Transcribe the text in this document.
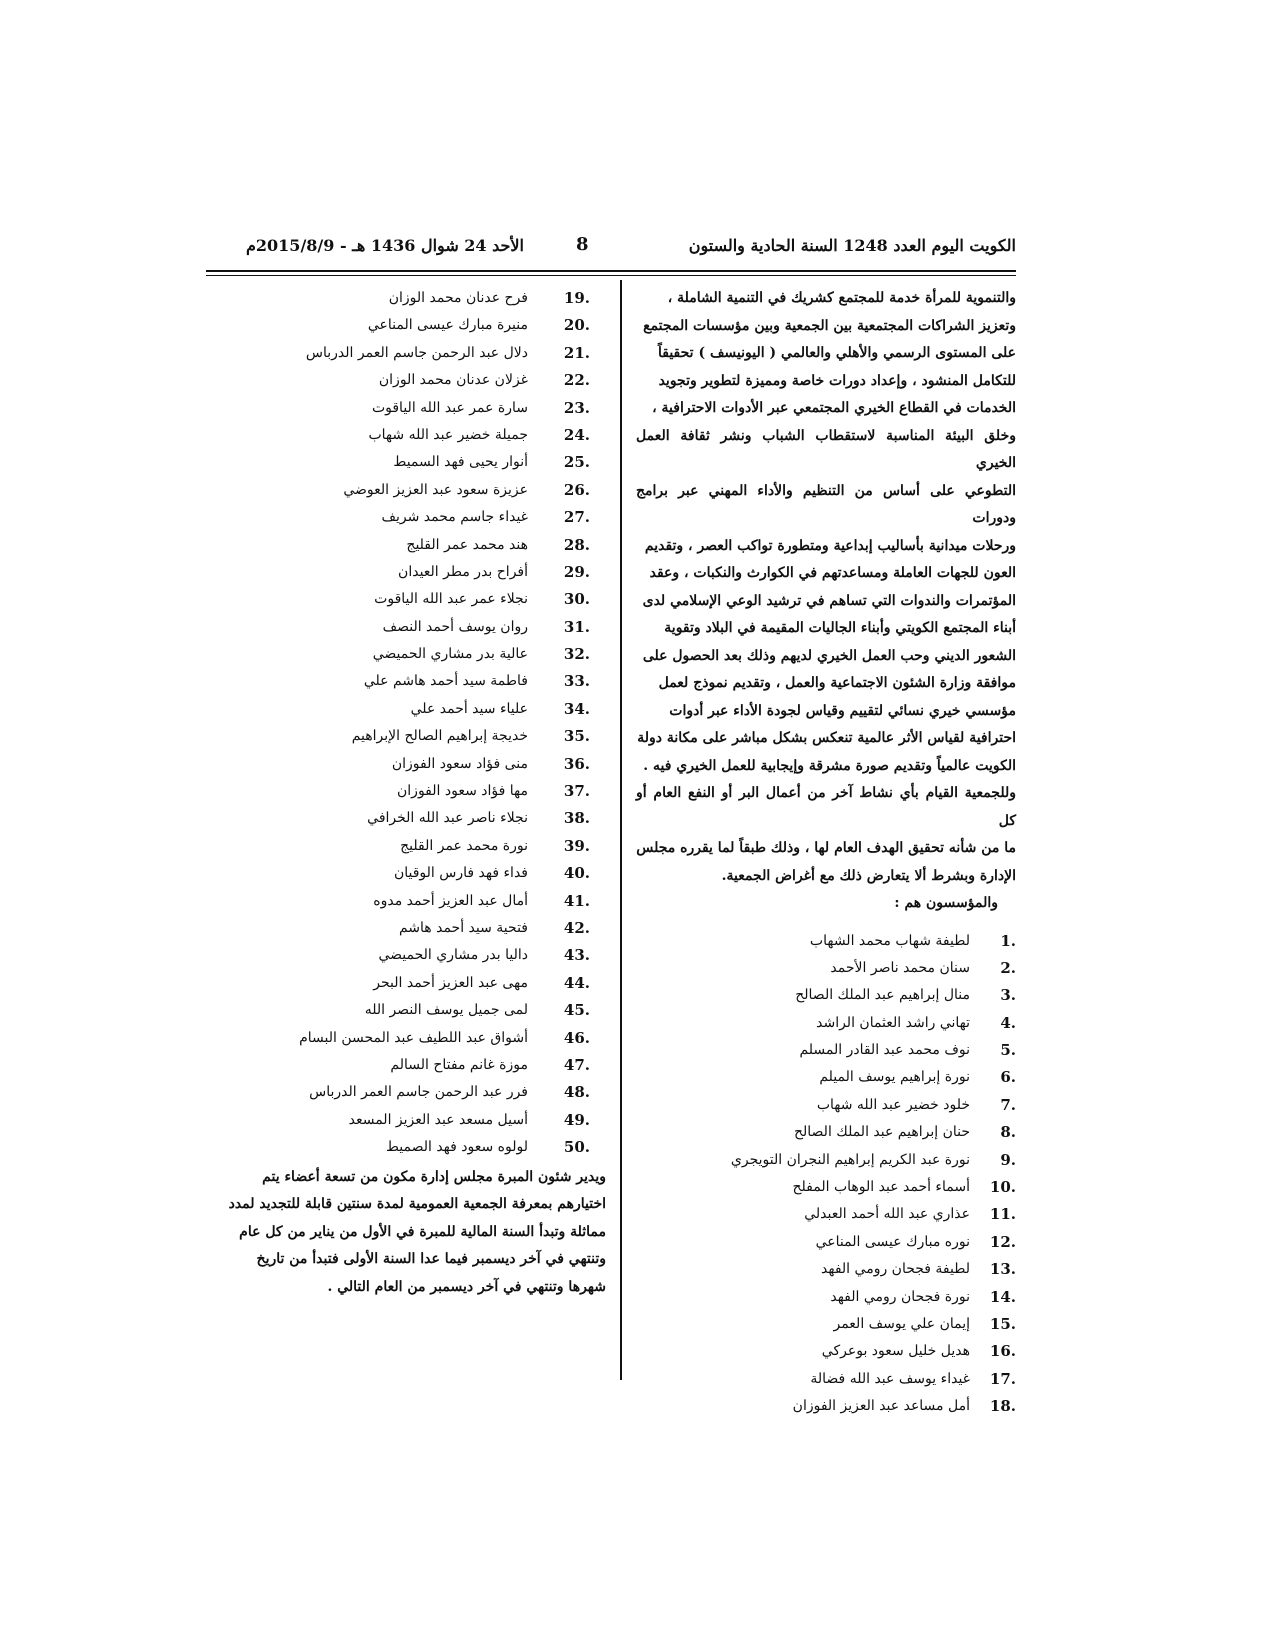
الكويت اليوم العدد 1248 السنة الحادية والستون
8
الأحد 24 شوال 1436 هـ - 2015/8/9م

والتنموية للمرأة خدمة للمجتمع كشريك في التنمية الشاملة ،

وتعزيز الشراكات المجتمعية بين الجمعية وبين مؤسسات المجتمع

على المستوى الرسمي والأهلي والعالمي ( اليونيسف ) تحقيقاً

للتكامل المنشود ، وإعداد دورات خاصة ومميزة لتطوير وتجويد

الخدمات في القطاع الخيري المجتمعي عبر الأدوات الاحترافية ،

وخلق البيئة المناسبة لاستقطاب الشباب ونشر ثقافة العمل الخيري

التطوعي على أساس من التنظيم والأداء المهني عبر برامج ودورات

ورحلات ميدانية بأساليب إبداعية ومتطورة تواكب العصر ، وتقديم

العون للجهات العاملة ومساعدتهم في الكوارث والنكبات ، وعقد

المؤتمرات والندوات التي تساهم في ترشيد الوعي الإسلامي لدى

أبناء المجتمع الكويتي وأبناء الجاليات المقيمة في البلاد وتقوية

الشعور الديني وحب العمل الخيري لديهم وذلك بعد الحصول على

موافقة وزارة الشئون الاجتماعية والعمل ، وتقديم نموذج لعمل

مؤسسي خيري نسائي لتقييم وقياس لجودة الأداء عبر أدوات

احترافية لقياس الأثر عالمية تنعكس بشكل مباشر على مكانة دولة

الكويت عالمياً وتقديم صورة مشرقة وإيجابية للعمل الخيري فيه .

وللجمعية القيام بأي نشاط آخر من أعمال البر أو النفع العام أو كل

ما من شأنه تحقيق الهدف العام لها ، وذلك طبقاً لما يقرره مجلس

الإدارة وبشرط ألا يتعارض ذلك مع أغراض الجمعية.

والمؤسسون هم :
1.
لطيفة شهاب محمد الشهاب
2.
سنان محمد ناصر الأحمد
3.
منال إبراهيم عبد الملك الصالح
4.
تهاني راشد العثمان الراشد
5.
نوف محمد عبد القادر المسلم
6.
نورة إبراهيم يوسف الميلم
7.
خلود خضير عبد الله شهاب
8.
حنان إبراهيم عبد الملك الصالح
9.
نورة عبد الكريم إبراهيم النجران التويجري
10.
أسماء أحمد عبد الوهاب المفلح
11.
عذاري عبد الله أحمد العبدلي
12.
نوره مبارك عيسى المناعي
13.
لطيفة فجحان رومي الفهد
14.
نورة فجحان رومي الفهد
15.
إيمان علي يوسف العمر
16.
هديل خليل سعود بوعركي
17.
غيداء يوسف عبد الله فضالة
18.
أمل مساعد عبد العزيز الفوزان
19.
فرح عدنان محمد الوزان
20.
منيرة مبارك عيسى المناعي
21.
دلال عبد الرحمن جاسم العمر الدرباس
22.
غزلان عدنان محمد الوزان
23.
سارة عمر عبد الله الياقوت
24.
جميلة خضير عبد الله شهاب
25.
أنوار يحيى فهد السميط
26.
عزيزة سعود عبد العزيز العوضي
27.
غيداء جاسم محمد شريف
28.
هند محمد عمر القليج
29.
أفراح بدر مطر العيدان
30.
نجلاء عمر عبد الله الياقوت
31.
روان يوسف أحمد النصف
32.
عالية بدر مشاري الحميضي
33.
فاطمة سيد أحمد هاشم علي
34.
علياء سيد أحمد علي
35.
خديجة إبراهيم الصالح الإبراهيم
36.
منى فؤاد سعود الفوزان
37.
مها فؤاد سعود الفوزان
38.
نجلاء ناصر عبد الله الخرافي
39.
نورة محمد عمر القليج
40.
فداء فهد فارس الوقيان
41.
أمال عبد العزيز أحمد مدوه
42.
فتحية سيد أحمد هاشم
43.
داليا بدر مشاري الحميضي
44.
مهى عبد العزيز أحمد البحر
45.
لمى جميل يوسف النصر الله
46.
أشواق عبد اللطيف عبد المحسن البسام
47.
موزة غانم مفتاح السالم
48.
فرر عبد الرحمن جاسم العمر الدرباس
49.
أسيل مسعد عبد العزيز المسعد
50.
لولوه سعود فهد الصميط

ويدير شئون المبرة مجلس إدارة مكون من تسعة أعضاء يتم

اختيارهم بمعرفة الجمعية العمومية لمدة سنتين قابلة للتجديد لمدد

مماثلة وتبدأ السنة المالية للمبرة في الأول من يناير من كل عام

وتنتهي في آخر ديسمبر فيما عدا السنة الأولى فتبدأ من تاريخ

شهرها وتنتهي في آخر ديسمبر من العام التالي .
